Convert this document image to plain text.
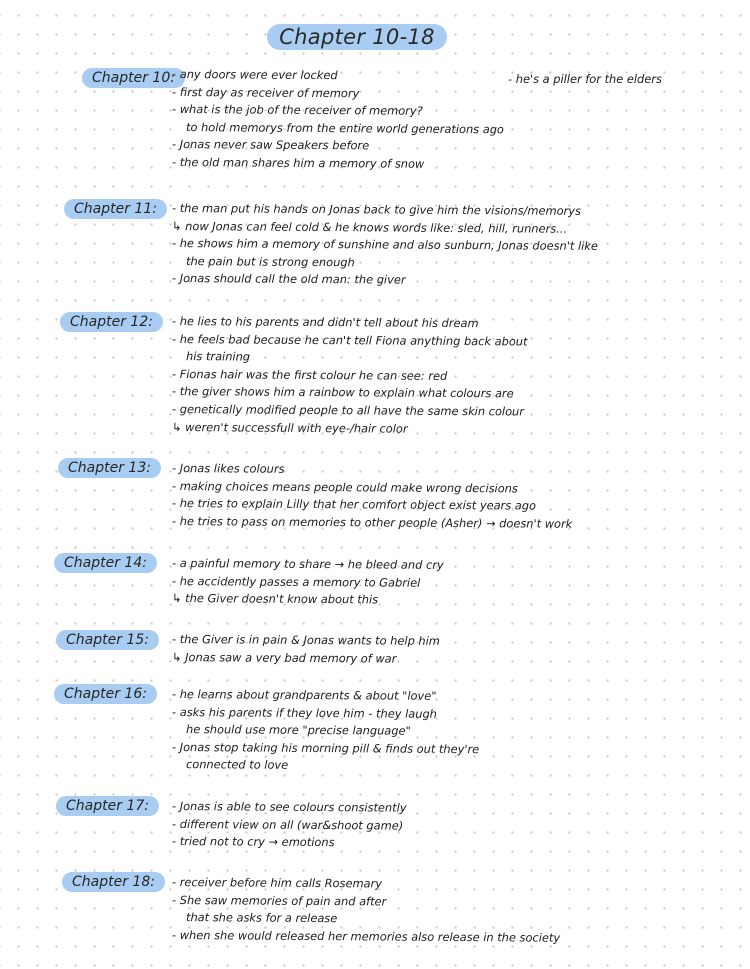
Chapter 10-18
- he's a piller for the elders
Chapter 10:
- any doors were ever locked
- first day as receiver of memory
- what is the job of the receiver of memory?
to hold memorys from the entire world generations ago
- Jonas never saw Speakers before
- the old man shares him a memory of snow
Chapter 11:	- the man put his hands on Jonas back to give him the visions/memorys
↳ now Jonas can feel cold & he knows words like: sled, hill, runners...
- he shows him a memory of sunshine and also sunburn, Jonas doesn't like
the pain but is strong enough
- Jonas should call the old man: the giver
Chapter 12:	- he lies to his parents and didn't tell about his dream
- he feels bad because he can't tell Fiona anything back about
his training
- Fionas hair was the first colour he can see: red
- the giver shows him a rainbow to explain what colours are
- genetically modified people to all have the same skin colour
↳ weren't successfull with eye-/hair color
Chapter 13:	- Jonas likes colours
- making choices means people could make wrong decisions
- he tries to explain Lilly that her comfort object exist years ago
- he tries to pass on memories to other people (Asher) → doesn't work
Chapter 14:	- a painful memory to share → he bleed and cry
- he accidently passes a memory to Gabriel
↳ the Giver doesn't know about this
Chapter 15:	- the Giver is in pain & Jonas wants to help him
↳ Jonas saw a very bad memory of war
Chapter 16:	- he learns about grandparents & about "love"
- asks his parents if they love him - they laugh
he should use more "precise language"
- Jonas stop taking his morning pill & finds out they're
connected to love
Chapter 17:	- Jonas is able to see colours consistently
- different view on all (war&shoot game)
- tried not to cry → emotions
Chapter 18:	- receiver before him calls Rosemary
- She saw memories of pain and after
that she asks for a release
- when she would released her memories also release in the society
